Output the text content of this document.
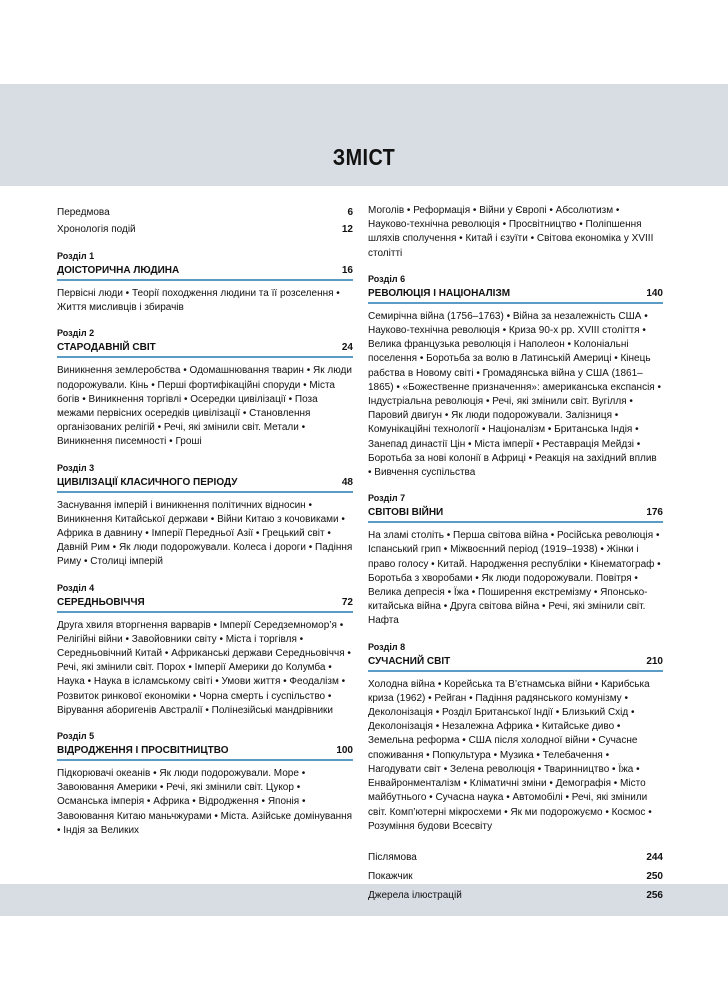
ЗМІСТ
Передмова	6
Хронологія подій	12
Розділ 1
ДОІСТОРИЧНА ЛЮДИНА	16

Первісні люди • Теорії походження людини та її розселення • Життя мисливців і збирачів

Розділ 2
СТАРОДАВНІЙ СВІТ	24

Виникнення землеробства • Одомашнювання тварин • Як люди подорожували. Кінь • Перші фортифікаційні споруди • Міста богів • Виникнення торгівлі • Осередки цивілізації • Поза межами первісних осередків цивілізації • Становлення організованих релігій • Речі, які змінили світ. Метали • Виникнення писемності • Гроші

Розділ 3
ЦИВІЛІЗАЦІЇ КЛАСИЧНОГО ПЕРІОДУ	48

Заснування імперій і виникнення політичних відносин • Виникнення Китайської держави • Війни Китаю з кочовиками • Африка в давнину • Імперії Передньої Азії • Грецький світ • Давній Рим • Як люди подорожували. Колеса і дороги • Падіння Риму • Столиці імперій

Розділ 4
СЕРЕДНЬОВІЧЧЯ	72

Друга хвиля вторгнення варварів • Імперії Середземномор’я • Релігійні війни • Завойовники світу • Міста і торгівля • Середньовічний Китай • Африканські держави Середньовіччя • Речі, які змінили світ. Порох • Імперії Америки до Колумба • Наука • Наука в ісламському світі • Умови життя • Феодалізм • Розвиток ринкової економіки • Чорна смерть і суспільство • Вірування аборигенів Австралії • Полінезійські мандрівники

Розділ 5
ВІДРОДЖЕННЯ І ПРОСВІТНИЦТВО	100

Підкорювачі океанів • Як люди подорожували. Море • Завоювання Америки • Речі, які змінили світ. Цукор • Османська імперія • Африка • Відродження • Японія • Завоювання Китаю маньчжурами • Міста. Азійське домінування • Індія за Великих

Моголів • Реформація • Війни у Європі • Абсолютизм • Науково-технічна революція • Просвітництво • Поліпшення шляхів сполучення • Китай і єзуїти • Світова економіка у XVIII столітті

Розділ 6
РЕВОЛЮЦІЯ І НАЦІОНАЛІЗМ	140

Семирічна війна (1756–1763) • Війна за незалежність США • Науково-технічна революція • Криза 90-х рр. XVIII століття • Велика французька революція і Наполеон • Колоніальні поселення • Боротьба за волю в Латинській Америці • Кінець рабства в Новому світі • Громадянська війна у США (1861–1865) • «Божественне призначення»: американська експансія • Індустріальна революція • Речі, які змінили світ. Вугілля • Паровий двигун • Як люди подорожували. Залізниця • Комунікаційні технології • Націоналізм • Британська Індія • Занепад династії Цін • Міста імперії • Реставрація Мейдзі • Боротьба за нові колонії в Африці • Реакція на західний вплив • Вивчення суспільства

Розділ 7
СВІТОВІ ВІЙНИ	176

На зламі століть • Перша світова війна • Російська революція • Іспанський грип • Міжвоєнний період (1919–1938) • Жінки і право голосу • Китай. Народження республіки • Кінематограф • Боротьба з хворобами • Як люди подорожували. Повітря • Велика депресія • Їжа • Поширення екстремізму • Японсько-китайська війна • Друга світова війна • Речі, які змінили світ. Нафта

Розділ 8
СУЧАСНИЙ СВІТ	210

Холодна війна • Корейська та В’єтнамська війни • Карибська криза (1962) • Рейган • Падіння радянського комунізму • Деколонізація • Розділ Британської Індії • Близький Схід • Деколонізація • Незалежна Африка • Китайське диво • Земельна реформа • США після холодної війни • Сучасне споживання • Попкультура • Музика • Телебачення • Нагодувати світ • Зелена революція • Тваринництво • Їжа • Енвайронменталізм • Кліматичні зміни • Демографія • Місто майбутнього • Сучасна наука • Автомобілі • Речі, які змінили світ. Комп’ютерні мікросхеми • Як ми подорожуємо • Космос • Розуміння будови Всесвіту

Післямова	244
Покажчик	250
Джерела ілюстрацій	256
